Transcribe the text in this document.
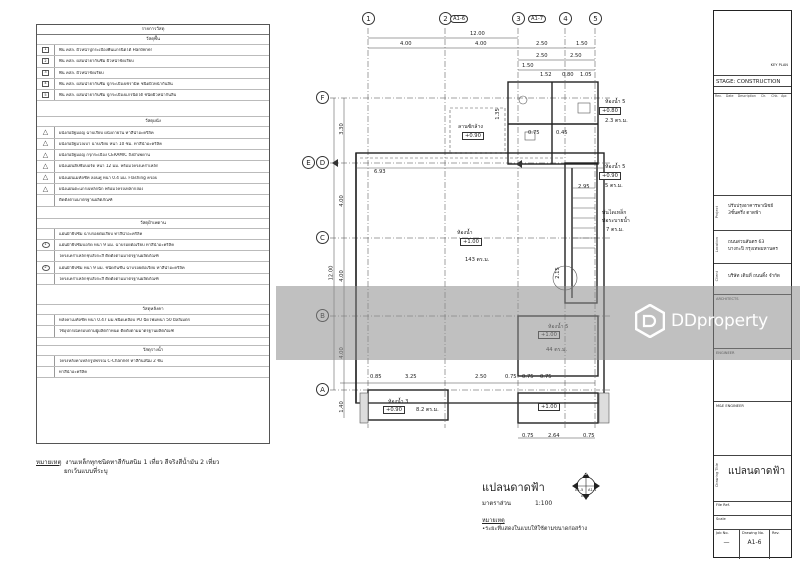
รายการวัสดุ
วัสดุพื้น
1	พื้น คสล. ผิวหน้าปูกระเบื้องพื้นแกรนิตโต้ Hardener
2	พื้น คสล. ผสมน้ำยากันซึม ผิวหน้าขัดเรียบ
3	พื้น คสล. ผิวหน้าขัดเรียบ
4	พื้น คสล. ผสมน้ำยากันซึม ปูกระเบื้องเซรามิค ชนิดผิวหน้ากันลื่น
5	พื้น คสล. ผสมน้ำยากันซึม ปูกระเบื้องแกรนิตโต้ ชนิดผิวหน้ากันลื่น
วัสดุผนัง
△	ผนังก่ออิฐมอญ ฉาบเรียบ ผนังภายใน ทาสีน้ำอะคริลิค
△	ผนังก่ออิฐมวลเบา ฉาบเรียบ หนา 10 ซม. ทาสีน้ำอะคริลิค
△	ผนังก่ออิฐมอญ กรุกระเบื้อง CERAMIC ถึงฝ้าเพดาน
△	ผนังแผ่นยิปซัมบอร์ด หนา 12 มม. พร้อมโครงเคร่าเหล็ก
△	ผนังแผ่นเมทัลชีท ลอนคู่ หนา 0.4 มม. Flashing ครอบ
△	ผนังแผ่นตะแกรงเหล็กฉีก พร้อมโครงเหล็กกล่อง
ติดตั้งตามมาตรฐานผลิตภัณฑ์
วัสดุฝ้าเพดาน
แผ่นฝ้ายิปซั่ม ฉาบรอยต่อเรียบ ทาสีน้ำอะคริลิค
1	แผ่นฝ้ายิปซั่มบอร์ด หนา 9 มม. ฉาบรอยต่อเรียบ ทาสีน้ำอะคริลิค
โครงเคร่าเหล็กชุบสังกะสี ติดตั้งตามมาตรฐานผลิตภัณฑ์
2	แผ่นฝ้ายิปซั่ม หนา 9 มม. ชนิดกันชื้น ฉาบรอยต่อเรียบ ทาสีน้ำอะคริลิค
โครงเคร่าเหล็กชุบสังกะสี ติดตั้งตามมาตรฐานผลิตภัณฑ์
วัสดุหลังคา
หลังคาเมทัลชีท หนา 0.47 มม.ชนิดเคลือบ PU ฉีดโฟมหนา 50 มิลลิเมตร
ใช้อุปกรณ์ครอบตามผู้ผลิตกำหนด ติดตั้งตามมาตรฐานผลิตภัณฑ์
วัสดุรางน้ำ
โครงหลังคาเหล็กรูปพรรณ C-Channel ทาสีกันสนิม 2 ชั้น
ทาสีน้ำอะคริลิค
หมายเหตุ งานเหล็กทุกชนิดทาสีกันสนิม 1 เที่ยว สีจริงสีน้ำมัน 2 เที่ยว
ยกเว้นแบบที่ระบุ
1	2	3	4	5
F
E	D
C
A
A1-6	A1-7
12.00
4.00	4.00	2.50	1.50
2.50	2.50
1.50
1.52 0.80 1.05
3.30
4.00
4.00
12.00
1.40
0.85	3.25	2.50	0.75 0.75 0.75
2.64
0.75	0.75
6.93
2.95
2.15
1.35
0.75	0.45
ลานซักล้าง
+0.90
ห้องน้ำ
+1.00
143 ตร.ม.
ห้องน้ำ 5
+0.80
2.3 ตร.ม.
ห้องน้ำ 5
+0.90
5 ตร.ม.
บันไดเหล็ก
ท่อระบายน้ำ
7 ตร.ม.
ห้องน้ำ 3
+0.90	8.2 ตร.ม.	+1.00
แปลนดาดฟ้า
มาตราส่วน	1:100
หมายเหตุ
•ระยะที่แสดงในแบบให้ใช้ตามขนาดก่อสร้าง
3
A1-5 A1-4
A1-1
KEY PLAN
STAGE: CONSTRUCTION
Rev.	Date	Description	Dr.	Chk. Apr.
Project ปรับปรุงอาคารพาณิชย์
3ชั้นครึ่ง ดาดฟ้า
Location ถนนสวนสันตร 63
บางกะปิ กรุงเทพมหานคร
Client บริษัท เดินที่ ถนนดิ้ง จำกัด
M&E ENGINEER
Drawing Title แปลนดาดฟ้า
File Ref.
Scale
Job No.
—
Drawing No.
A1-6
Rev.
DDproperty
